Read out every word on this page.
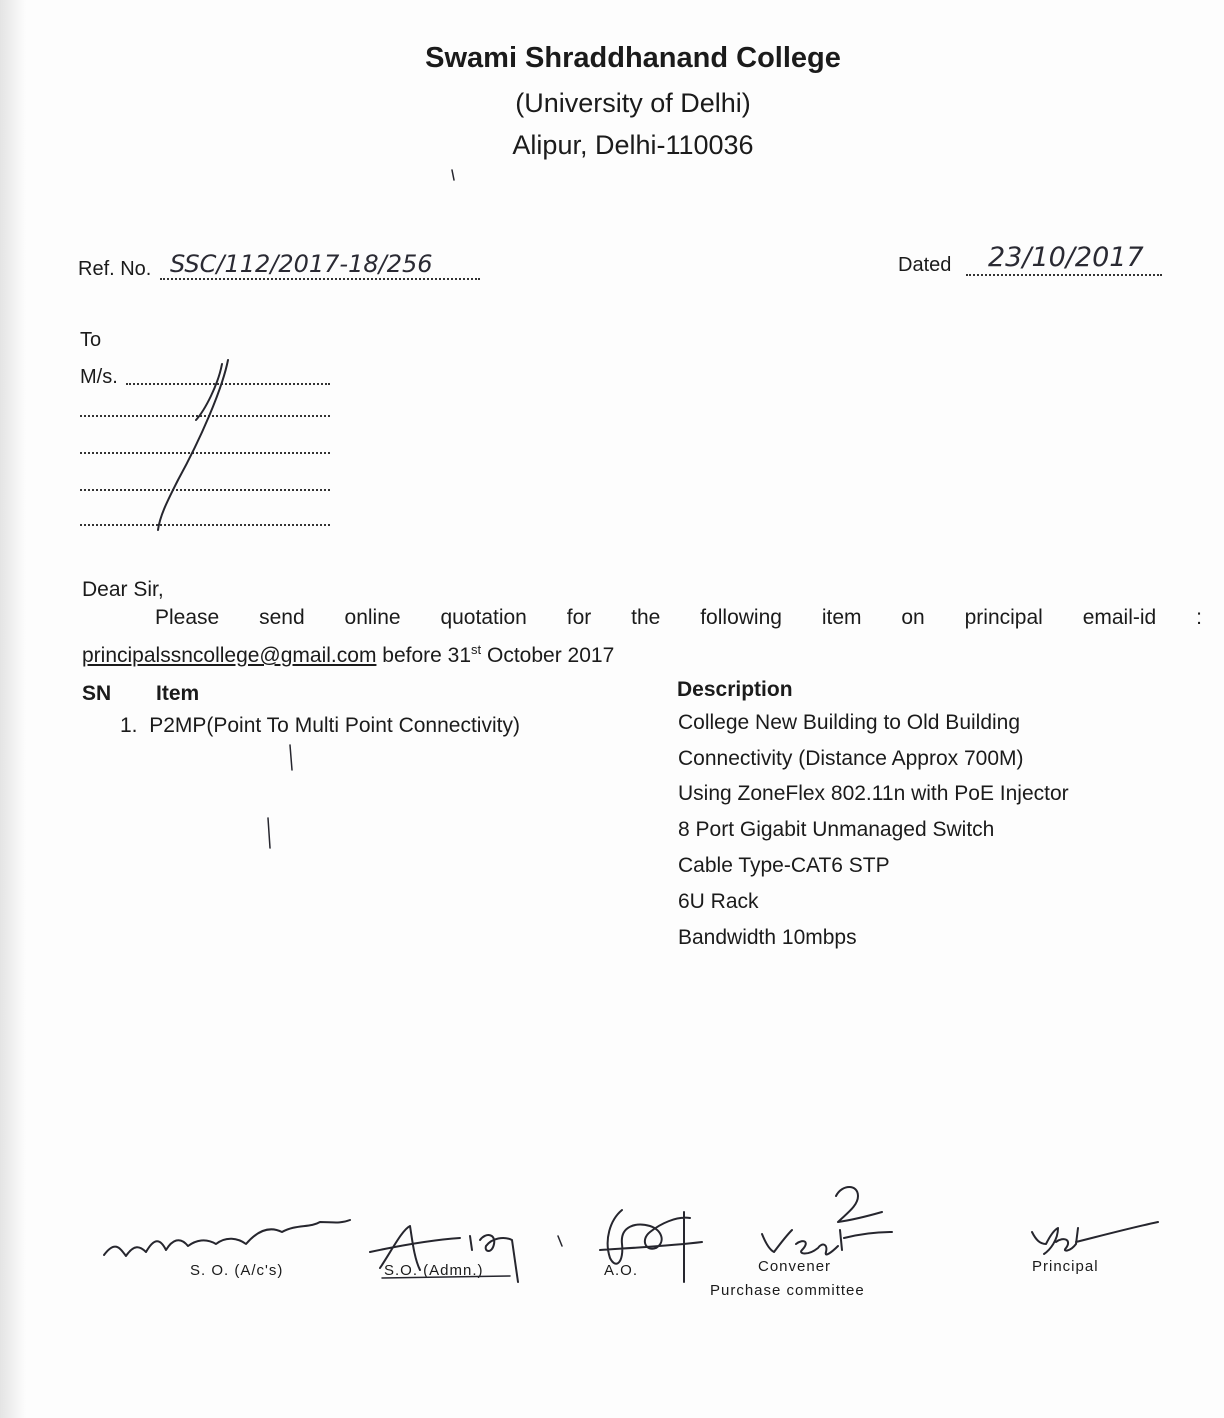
Swami Shraddhanand College
(University of Delhi)
Alipur, Delhi-110036
Ref. No.	Dated
To
M/s.
Dear Sir,
Please send online quotation for the following item on principal email-id :
principalssncollege@gmail.com before 31st October 2017
SN Item	Description
1. P2MP(Point To Multi Point Connectivity)	College New Building to Old Building
Connectivity (Distance Approx 700M)
Using ZoneFlex 802.11n with PoE Injector
8 Port Gigabit Unmanaged Switch
Cable Type-CAT6 STP
6U Rack
Bandwidth 10mbps
S. O. (A/c's)	S.O. (Admn.)	A.O.	Convener
Purchase committee
Principal
SSC/112/2017-18/256	23/10/2017
